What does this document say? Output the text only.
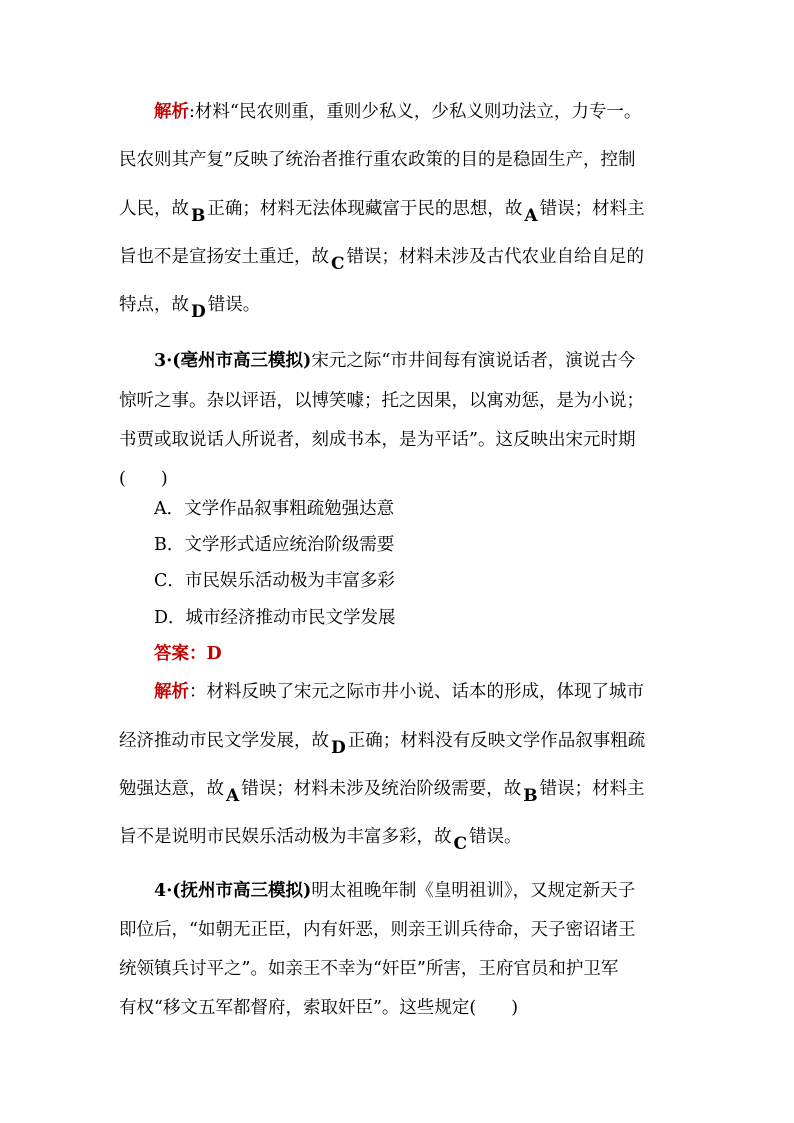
解析:材料“民农则重，重则少私义，少私义则功法立，力专一。
民农则其产复”反映了统治者推行重农政策的目的是稳固生产，控制
人民，故 B 正确；材料无法体现藏富于民的思想，故 A 错误；材料主
旨也不是宣扬安土重迁，故 C 错误；材料未涉及古代农业自给自足的
特点，故 D 错误。
3·(亳州市高三模拟)宋元之际“市井间每有演说话者，演说古今
惊听之事。杂以评语，以博笑噱；托之因果，以寓劝惩，是为小说；
书贾或取说话人所说者，刻成书本，是为平话”。这反映出宋元时期
(　　)
A．文学作品叙事粗疏勉强达意
B．文学形式适应统治阶级需要
C．市民娱乐活动极为丰富多彩
D．城市经济推动市民文学发展
答案：D
解析：材料反映了宋元之际市井小说、话本的形成，体现了城市
经济推动市民文学发展，故 D 正确；材料没有反映文学作品叙事粗疏
勉强达意，故 A 错误；材料未涉及统治阶级需要，故 B 错误；材料主
旨不是说明市民娱乐活动极为丰富多彩，故 C 错误。
4·(抚州市高三模拟)明太祖晚年制《皇明祖训》，又规定新天子
即位后，“如朝无正臣，内有奸恶，则亲王训兵待命，天子密诏诸王
统领镇兵讨平之”。如亲王不幸为“奸臣”所害，王府官员和护卫军
有权“移文五军都督府，索取奸臣”。这些规定(　　)
